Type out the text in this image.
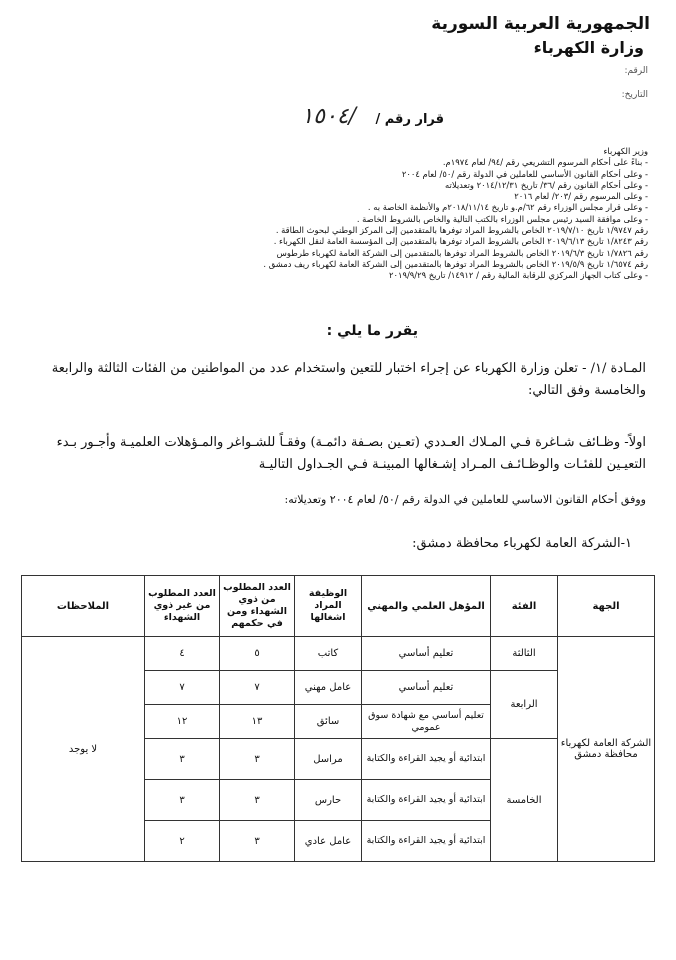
الجمهورية العربية السورية
وزارة الكهرباء
الرقم:
التاريخ:
قرار رقم /
/١٥٠٤
وزير الكهرباء
- بناءً على أحكام المرسوم التشريعي رقم /٩٤/ لعام ١٩٧٤م.
- وعلى أحكام القانون الأساسي للعاملين في الدولة رقم /٥٠/ لعام ٢٠٠٤
- وعلى أحكام القانون رقم /٣٦/ تاريخ ٢٠١٤/١٢/٣١ وتعديلاته
- وعلى المرسوم رقم /٢٠٣/ لعام ٢٠١٦
- وعلى قرار مجلس الوزراء رقم ٦٢/م.و تاريخ ٢٠١٨/١١/١٤م والأنظمة الخاصة به .
- وعلى موافقة السيد رئيس مجلس الوزراء بالكتب التالية والخاص بالشروط الخاصة .
رقم ١/٩٧٤٧ تاريخ ٢٠١٩/٧/١٠ الخاص بالشروط المراد توفرها بالمتقدمين إلى المركز الوطني لبحوث الطاقة .
رقم ١/٨٢٤٣ تاريخ ٢٠١٩/٦/١٣ الخاص بالشروط المراد توفرها بالمتقدمين إلى المؤسسة العامة لنقل الكهرباء .
رقم ١/٧٨٢٦ تاريخ ٢٠١٩/٦/٣ الخاص بالشروط المراد توفرها بالمتقدمين إلى الشركة العامة لكهرباء طرطوس
رقم ١/٦٥٧٤ تاريخ ٢٠١٩/٥/٩ الخاص بالشروط المراد توفرها بالمتقدمين إلى الشركة العامة لكهرباء ريف دمشق .
- وعلى كتاب الجهاز المركزي للرقابة المالية رقم / ١٤٩١٢/ تاريخ ٢٠١٩/٩/٢٩
يقرر ما يلي :
المـادة /١/ - تعلن وزارة الكهرباء عن إجراء اختبار للتعين واستخدام عدد من المواطنين من الفئات الثالثة والرابعة والخامسة وفق التالي:
اولاً- وظـائف شـاغرة فـي المـلاك العـددي (تعـين بصـفة دائمـة) وفقـاً للشـواغر والمـؤهلات العلميـة وأجـور بـدء التعيـين للفئـات والوظـائـف المـراد إشـغالها المبينـة فـي الجـداول التاليـة
ووفق أحكام القانون الاساسي للعاملين في الدولة رقم /٥٠/ لعام ٢٠٠٤ وتعديلاته:
١-الشركة العامة لكهرباء محافظة دمشق:
الجهة	الفئة	المؤهل العلمي والمهني	الوظيفة المراد اشغالها	العدد المطلوب من ذوي الشهداء ومن في حكمهم	العدد المطلوب من غير ذوي الشهداء	الملاحظات
الشركة العامة لكهرباء محافظة دمشق	الثالثة	تعليم أساسي	كاتب	٥	٤	لا يوجد
	الرابعة	تعليم أساسي	عامل مهني	٧	٧	
		تعليم أساسي مع شهادة سوق عمومي	سائق	١٣	١٢	
	الخامسة	ابتدائية أو يجيد القراءة والكتابة	مراسل	٣	٣	
		ابتدائية أو يجيد القراءة والكتابة	حارس	٣	٣	
		ابتدائية أو يجيد القراءة والكتابة	عامل عادي	٣	٢	
